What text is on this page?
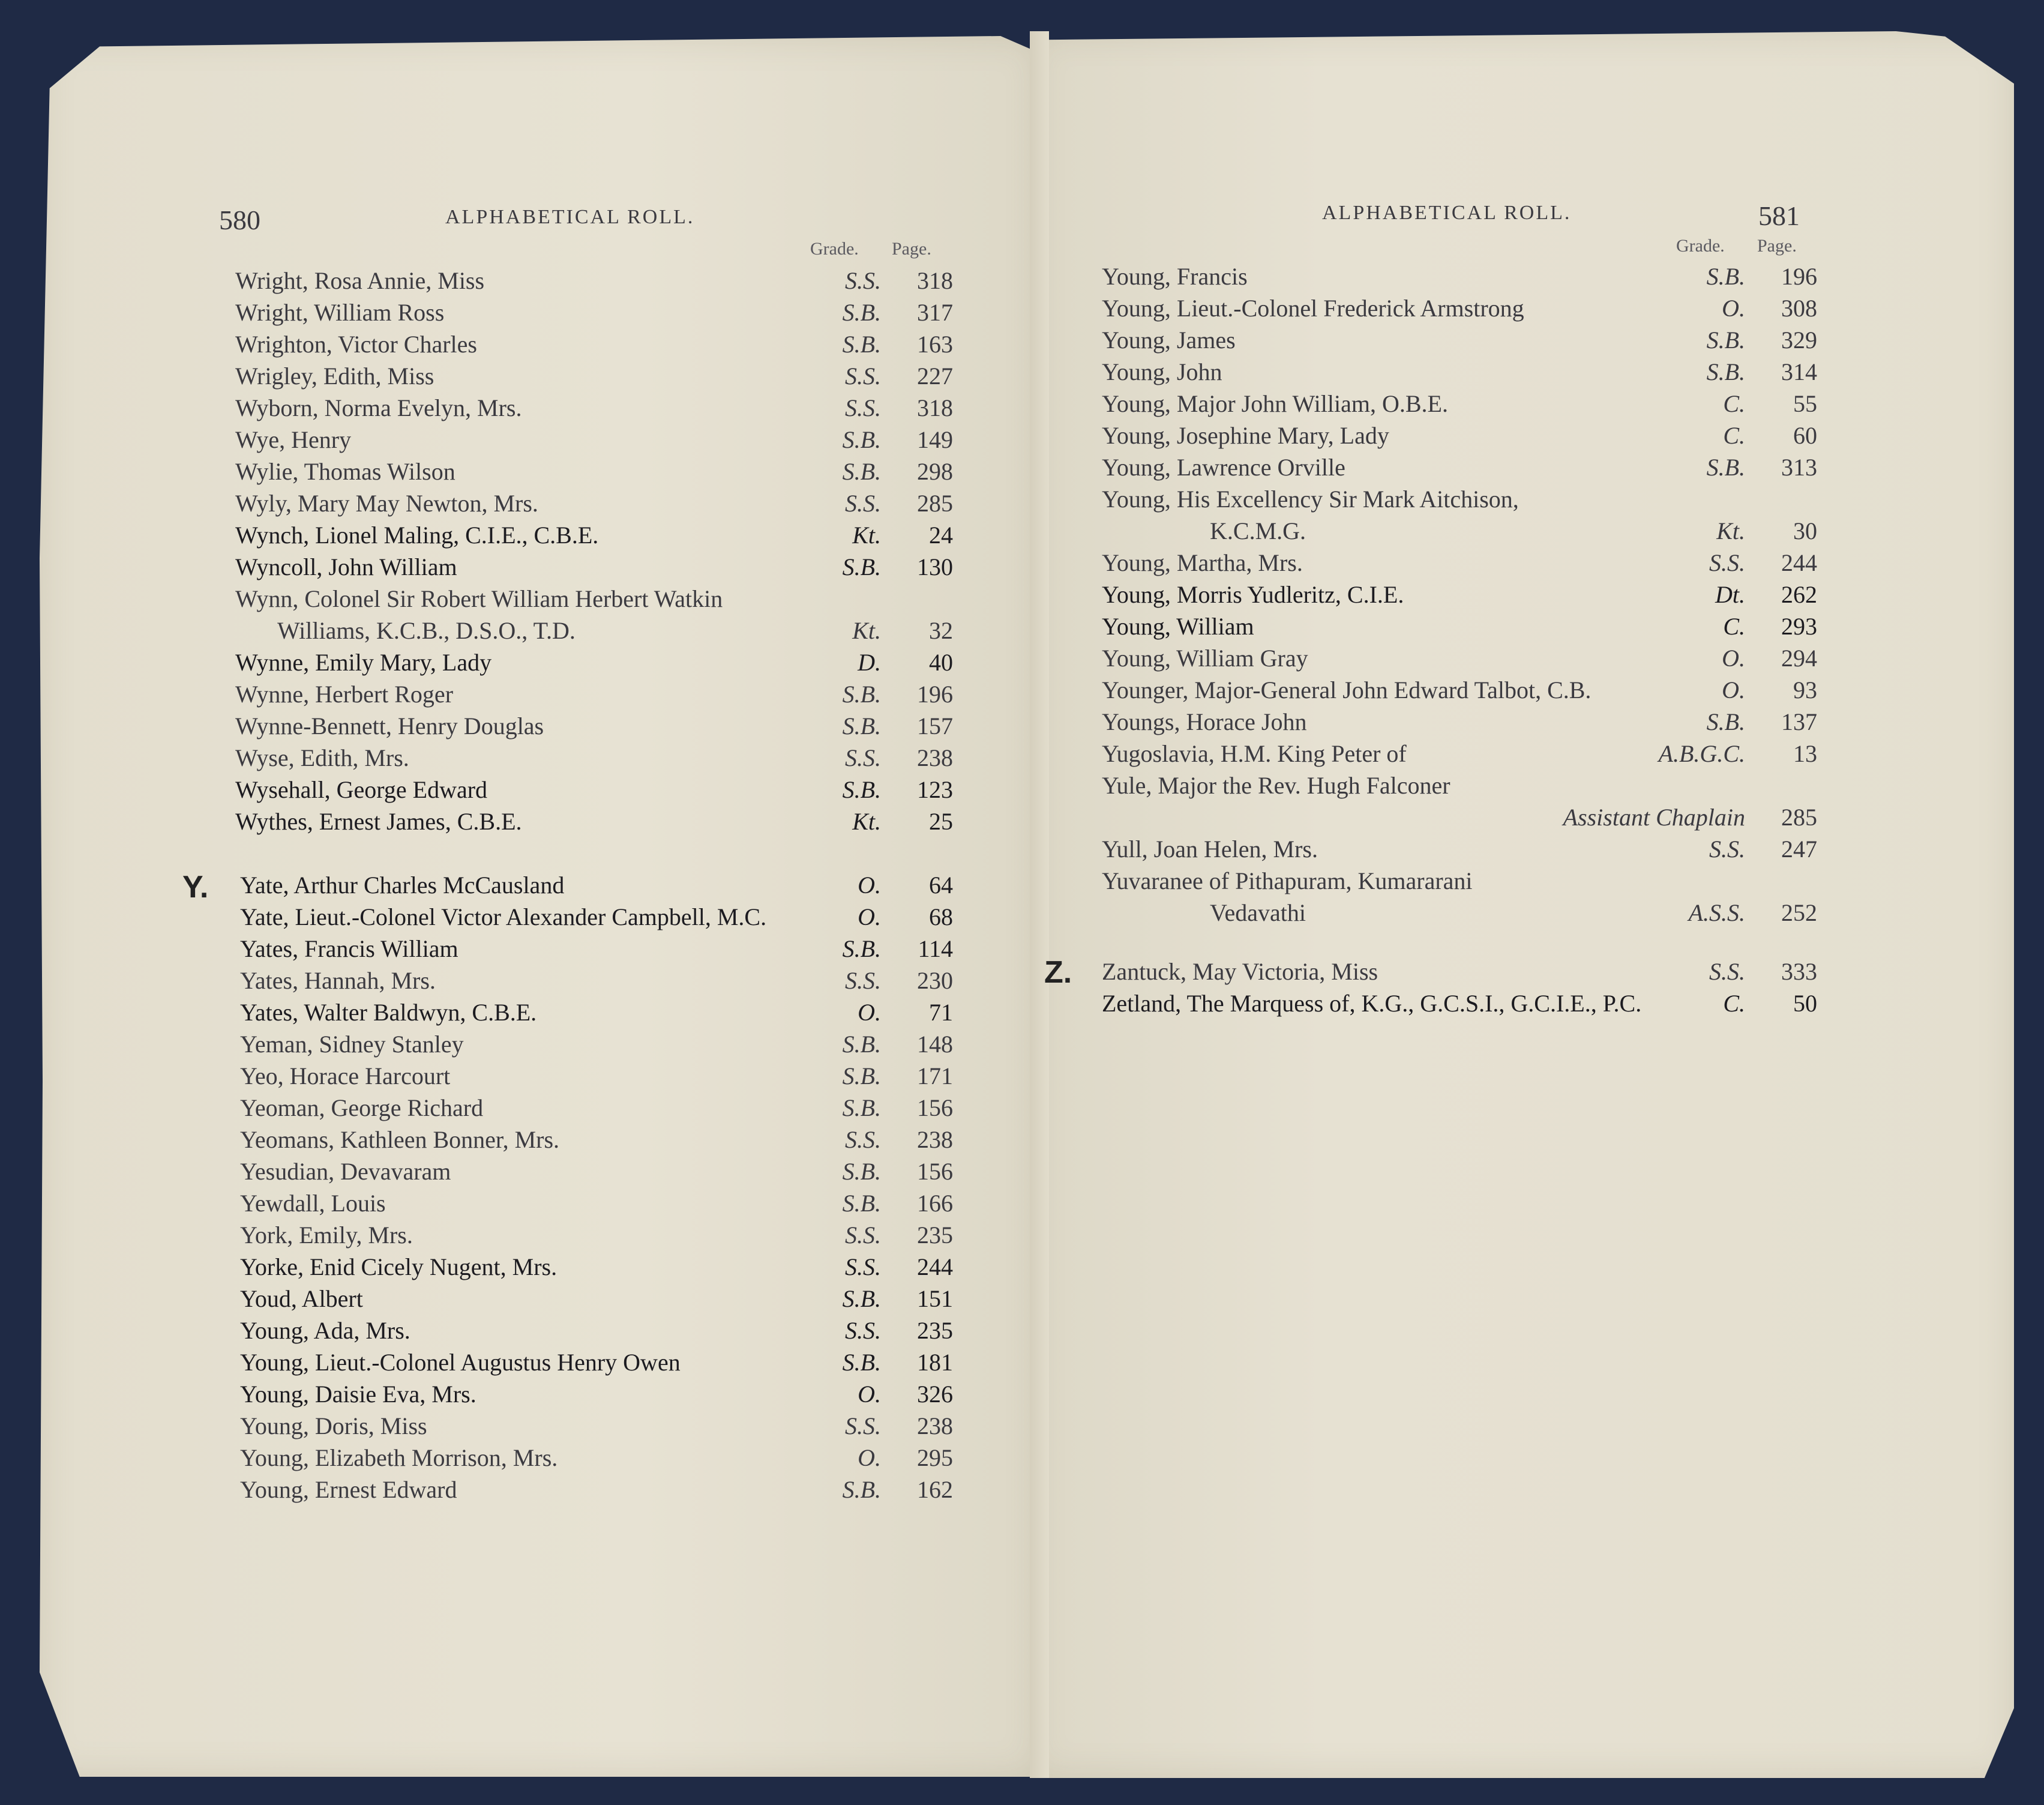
580	ALPHABETICAL ROLL.
Grade. Page.
Wright, Rosa Annie, Miss	S.S. 318
Wright, William Ross	S.B. 317
Wrighton, Victor Charles	S.B. 163
Wrigley, Edith, Miss	S.S. 227
Wyborn, Norma Evelyn, Mrs.	S.S. 318
Wye, Henry	S.B. 149
Wylie, Thomas Wilson	S.B. 298
Wyly, Mary May Newton, Mrs.	S.S. 285
Wynch, Lionel Maling, C.I.E., C.B.E.	Kt. 24
Wyncoll, John William	S.B. 130
Wynn, Colonel Sir Robert William Herbert Watkin
Williams, K.C.B., D.S.O., T.D.	Kt. 32
Wynne, Emily Mary, Lady	D. 40
Wynne, Herbert Roger	S.B. 196
Wynne-Bennett, Henry Douglas	S.B. 157
Wyse, Edith, Mrs.	S.S. 238
Wysehall, George Edward	S.B. 123
Wythes, Ernest James, C.B.E.	Kt. 25
Y. Yate, Arthur Charles McCausland	O. 64
Yate, Lieut.-Colonel Victor Alexander Campbell, M.C.	O. 68
Yates, Francis William	S.B. 114
Yates, Hannah, Mrs.	S.S. 230
Yates, Walter Baldwyn, C.B.E.	O. 71
Yeman, Sidney Stanley	S.B. 148
Yeo, Horace Harcourt	S.B. 171
Yeoman, George Richard	S.B. 156
Yeomans, Kathleen Bonner, Mrs.	S.S. 238
Yesudian, Devavaram	S.B. 156
Yewdall, Louis	S.B. 166
York, Emily, Mrs.	S.S. 235
Yorke, Enid Cicely Nugent, Mrs.	S.S. 244
Youd, Albert	S.B. 151
Young, Ada, Mrs.	S.S. 235
Young, Lieut.-Colonel Augustus Henry Owen	S.B. 181
Young, Daisie Eva, Mrs.	O. 326
Young, Doris, Miss	S.S. 238
Young, Elizabeth Morrison, Mrs.	O. 295
Young, Ernest Edward	S.B. 162
ALPHABETICAL ROLL.	581
Grade. Page.
Young, Francis	S.B. 196
Young, Lieut.-Colonel Frederick Armstrong	O. 308
Young, James	S.B. 329
Young, John	S.B. 314
Young, Major John William, O.B.E.	C. 55
Young, Josephine Mary, Lady	C. 60
Young, Lawrence Orville	S.B. 313
Young, His Excellency Sir Mark Aitchison,
K.C.M.G.	Kt. 30
Young, Martha, Mrs.	S.S. 244
Young, Morris Yudleritz, C.I.E.	Dt. 262
Young, William	C. 293
Young, William Gray	O. 294
Younger, Major-General John Edward Talbot, C.B.	O. 93
Youngs, Horace John	S.B. 137
Yugoslavia, H.M. King Peter of	A.B.G.C. 13
Yule, Major the Rev. Hugh Falconer
Assistant Chaplain 285
Yull, Joan Helen, Mrs.	S.S. 247
Yuvaranee of Pithapuram, Kumararani
Vedavathi	A.S.S. 252
Z. Zantuck, May Victoria, Miss	S.S. 333
Zetland, The Marquess of, K.G., G.C.S.I., G.C.I.E., P.C.	C. 50
